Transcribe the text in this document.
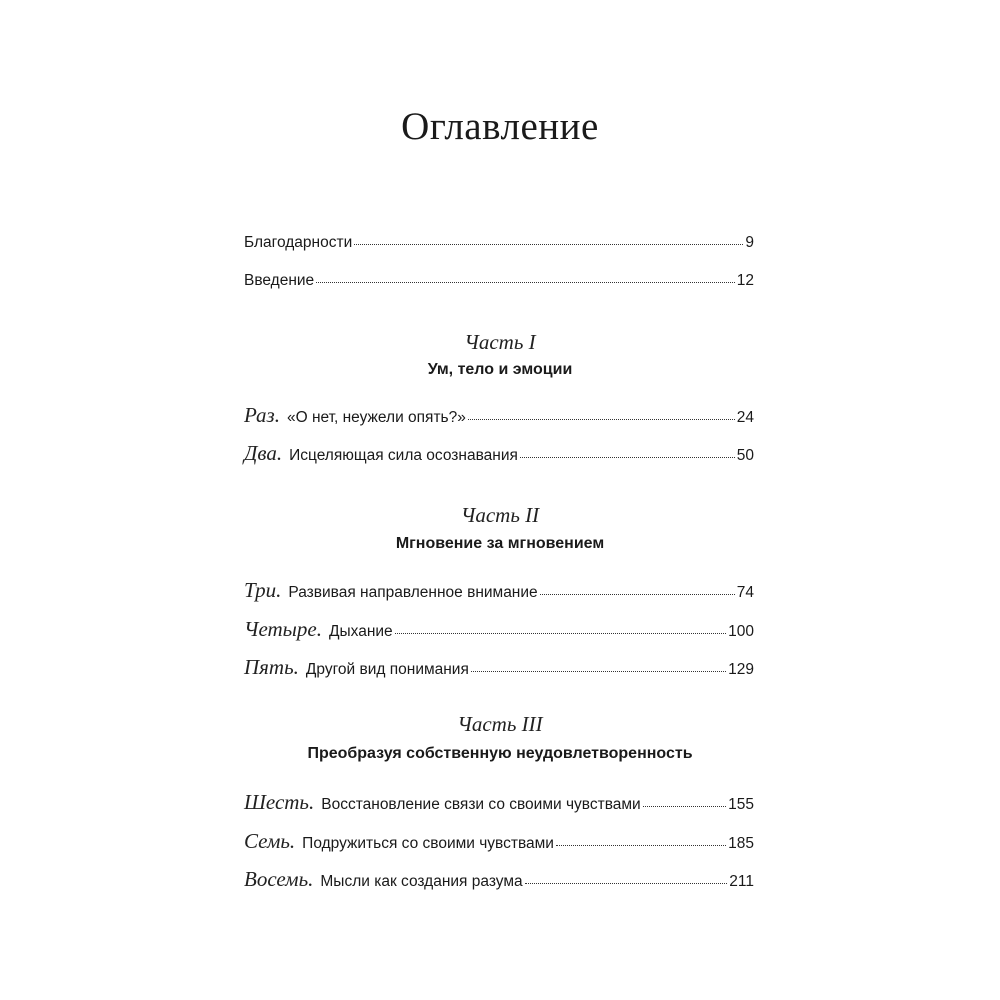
Оглавление
Благодарности	9
Введение	12
Часть I
Ум, тело и эмоции
Раз. «О нет, неужели опять?»	24
Два. Исцеляющая сила осознавания	50
Часть II
Мгновение за мгновением
Три. Развивая направленное внимание	74
Четыре. Дыхание	100
Пять. Другой вид понимания	129
Часть III
Преобразуя собственную неудовлетворенность
Шесть. Восстановление связи со своими чувствами	155
Семь. Подружиться со своими чувствами	185
Восемь. Мысли как создания разума	211
